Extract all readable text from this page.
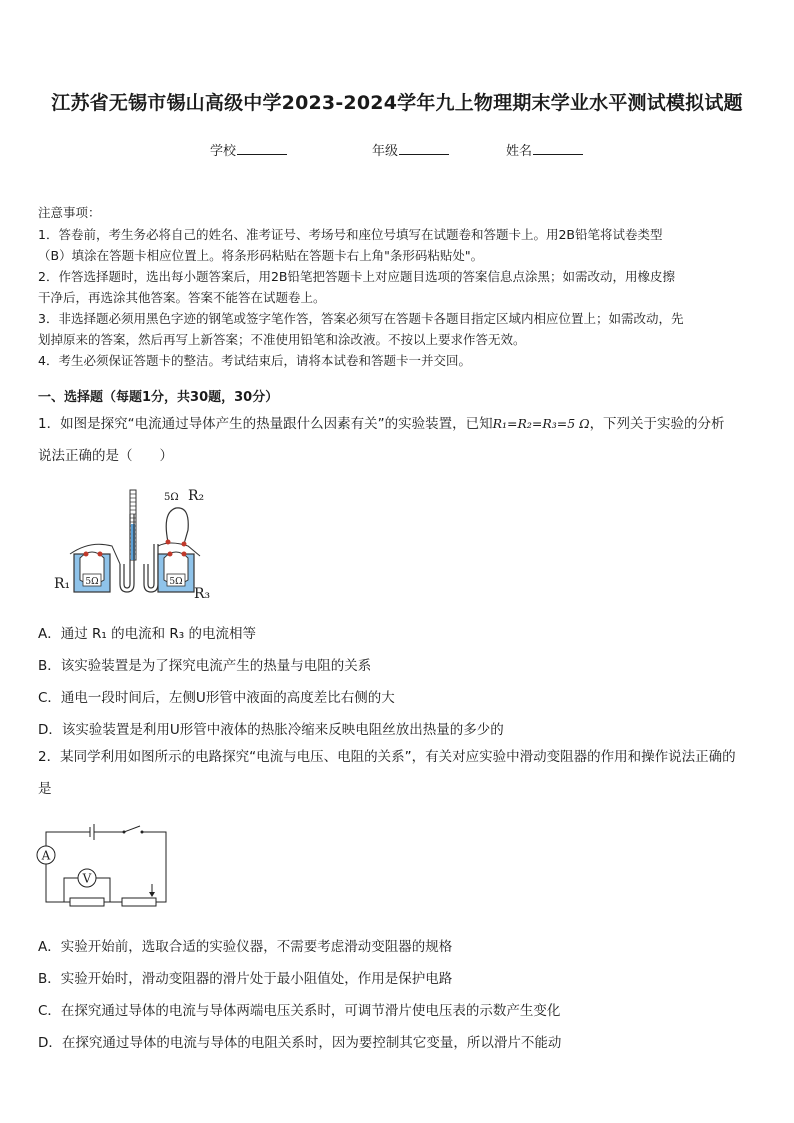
江苏省无锡市锡山高级中学2023-2024学年九上物理期末学业水平测试模拟试题
学校	年级	姓名

注意事项：

1．答卷前，考生务必将自己的姓名、准考证号、考场号和座位号填写在试题卷和答题卡上。用2B铅笔将试卷类型

（B）填涂在答题卡相应位置上。将条形码粘贴在答题卡右上角"条形码粘贴处"。

2．作答选择题时，选出每小题答案后，用2B铅笔把答题卡上对应题目选项的答案信息点涂黑；如需改动，用橡皮擦

干净后，再选涂其他答案。答案不能答在试题卷上。

3．非选择题必须用黑色字迹的钢笔或签字笔作答，答案必须写在答题卡各题目指定区域内相应位置上；如需改动，先

划掉原来的答案，然后再写上新答案；不准使用铅笔和涂改液。不按以上要求作答无效。

4．考生必须保证答题卡的整洁。考试结束后，请将本试卷和答题卡一并交回。

一、选择题（每题1分，共30题，30分）
1．如图是探究“电流通过导体产生的热量跟什么因素有关”的实验装置，已知R₁=R₂=R₃=5 Ω，下列关于实验的分析
说法正确的是（　　）
5Ω	5Ω
5Ω R₂
R₁
R₃
A．通过 R₁ 的电流和 R₃ 的电流相等
B．该实验装置是为了探究电流产生的热量与电阻的关系
C．通电一段时间后，左侧U形管中液面的高度差比右侧的大
D．该实验装置是利用U形管中液体的热胀冷缩来反映电阻丝放出热量的多少的
2．某同学利用如图所示的电路探究“电流与电压、电阻的关系”，有关对应实验中滑动变阻器的作用和操作说法正确的
是
A
V
A．实验开始前，选取合适的实验仪器，不需要考虑滑动变阻器的规格
B．实验开始时，滑动变阻器的滑片处于最小阻值处，作用是保护电路
C．在探究通过导体的电流与导体两端电压关系时，可调节滑片使电压表的示数产生变化
D．在探究通过导体的电流与导体的电阻关系时，因为要控制其它变量，所以滑片不能动
